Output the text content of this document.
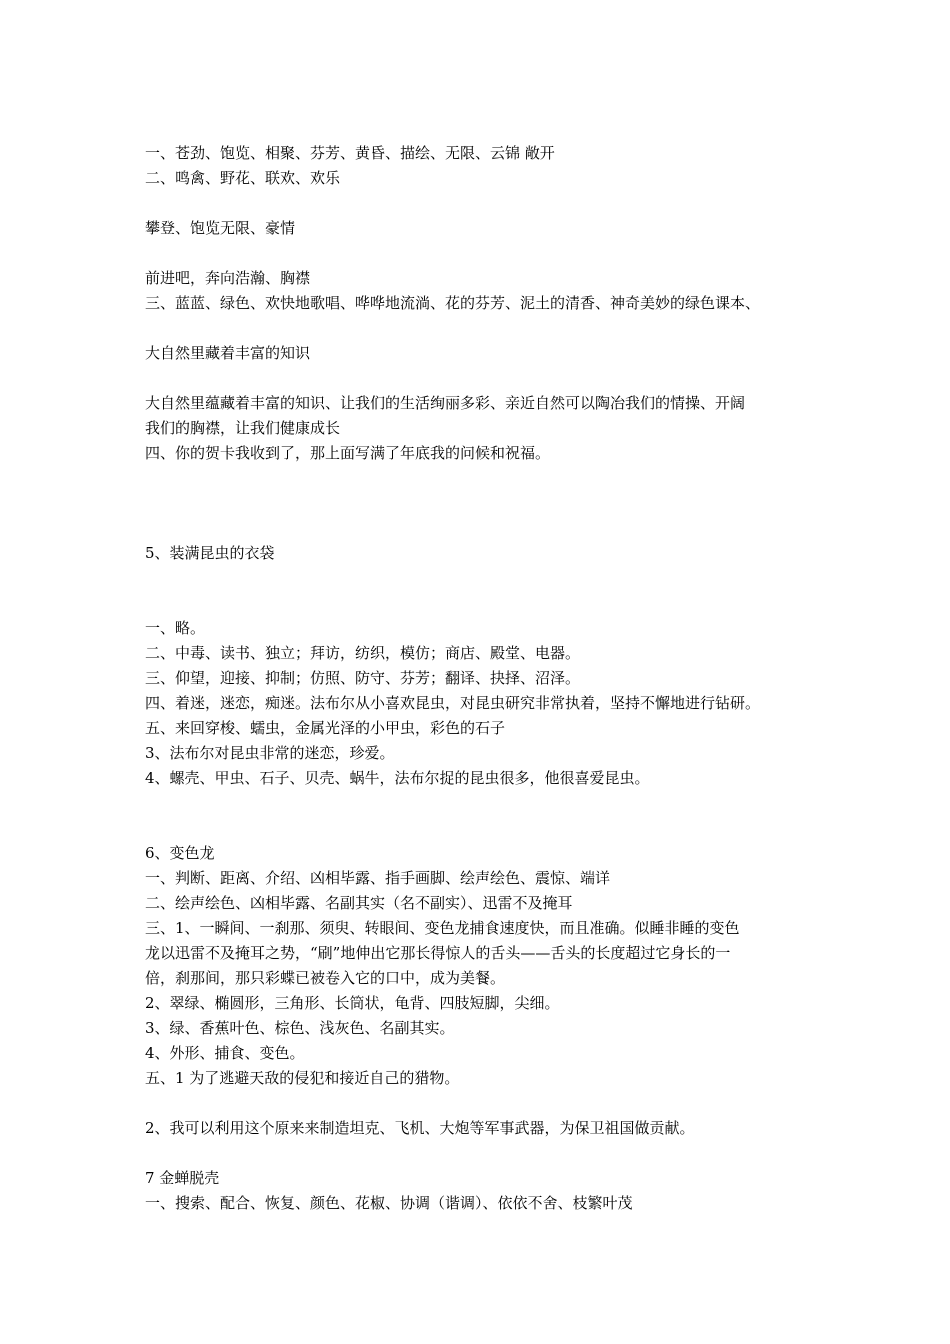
一、苍劲、饱览、相聚、芬芳、黄昏、描绘、无限、云锦 敞开
二、鸣禽、野花、联欢、欢乐

攀登、饱览无限、豪情

前进吧，奔向浩瀚、胸襟
三、蓝蓝、绿色、欢快地歌唱、哗哗地流淌、花的芬芳、泥土的清香、神奇美妙的绿色课本、

大自然里藏着丰富的知识

大自然里蕴藏着丰富的知识、让我们的生活绚丽多彩、亲近自然可以陶冶我们的情操、开阔
我们的胸襟，让我们健康成长
四、你的贺卡我收到了，那上面写满了年底我的问候和祝福。

5、装满昆虫的衣袋

一、略。
二、中毒、读书、独立；拜访，纺织，模仿；商店、殿堂、电器。
三、仰望，迎接、抑制；仿照、防守、芬芳；翻译、抉择、沼泽。
四、着迷，迷恋，痴迷。法布尔从小喜欢昆虫，对昆虫研究非常执着，坚持不懈地进行钻研。
五、来回穿梭、蠕虫，金属光泽的小甲虫，彩色的石子
3、法布尔对昆虫非常的迷恋，珍爱。
4、螺壳、甲虫、石子、贝壳、蜗牛，法布尔捉的昆虫很多，他很喜爱昆虫。

6、变色龙
一、判断、距离、介绍、凶相毕露、指手画脚、绘声绘色、震惊、端详
二、绘声绘色、凶相毕露、名副其实（名不副实）、迅雷不及掩耳
三、1、一瞬间、一刹那、须臾、转眼间、变色龙捕食速度快，而且准确。似睡非睡的变色
龙以迅雷不及掩耳之势，“刷”地伸出它那长得惊人的舌头——舌头的长度超过它身长的一
倍，刹那间，那只彩蝶已被卷入它的口中，成为美餐。
2、翠绿、椭圆形，三角形、长筒状，龟背、四肢短脚，尖细。
3、绿、香蕉叶色、棕色、浅灰色、名副其实。
4、外形、捕食、变色。
五、1 为了逃避天敌的侵犯和接近自己的猎物。

2、我可以利用这个原来来制造坦克、飞机、大炮等军事武器，为保卫祖国做贡献。

7 金蝉脱壳
一、搜索、配合、恢复、颜色、花椒、协调（谐调）、依依不舍、枝繁叶茂
